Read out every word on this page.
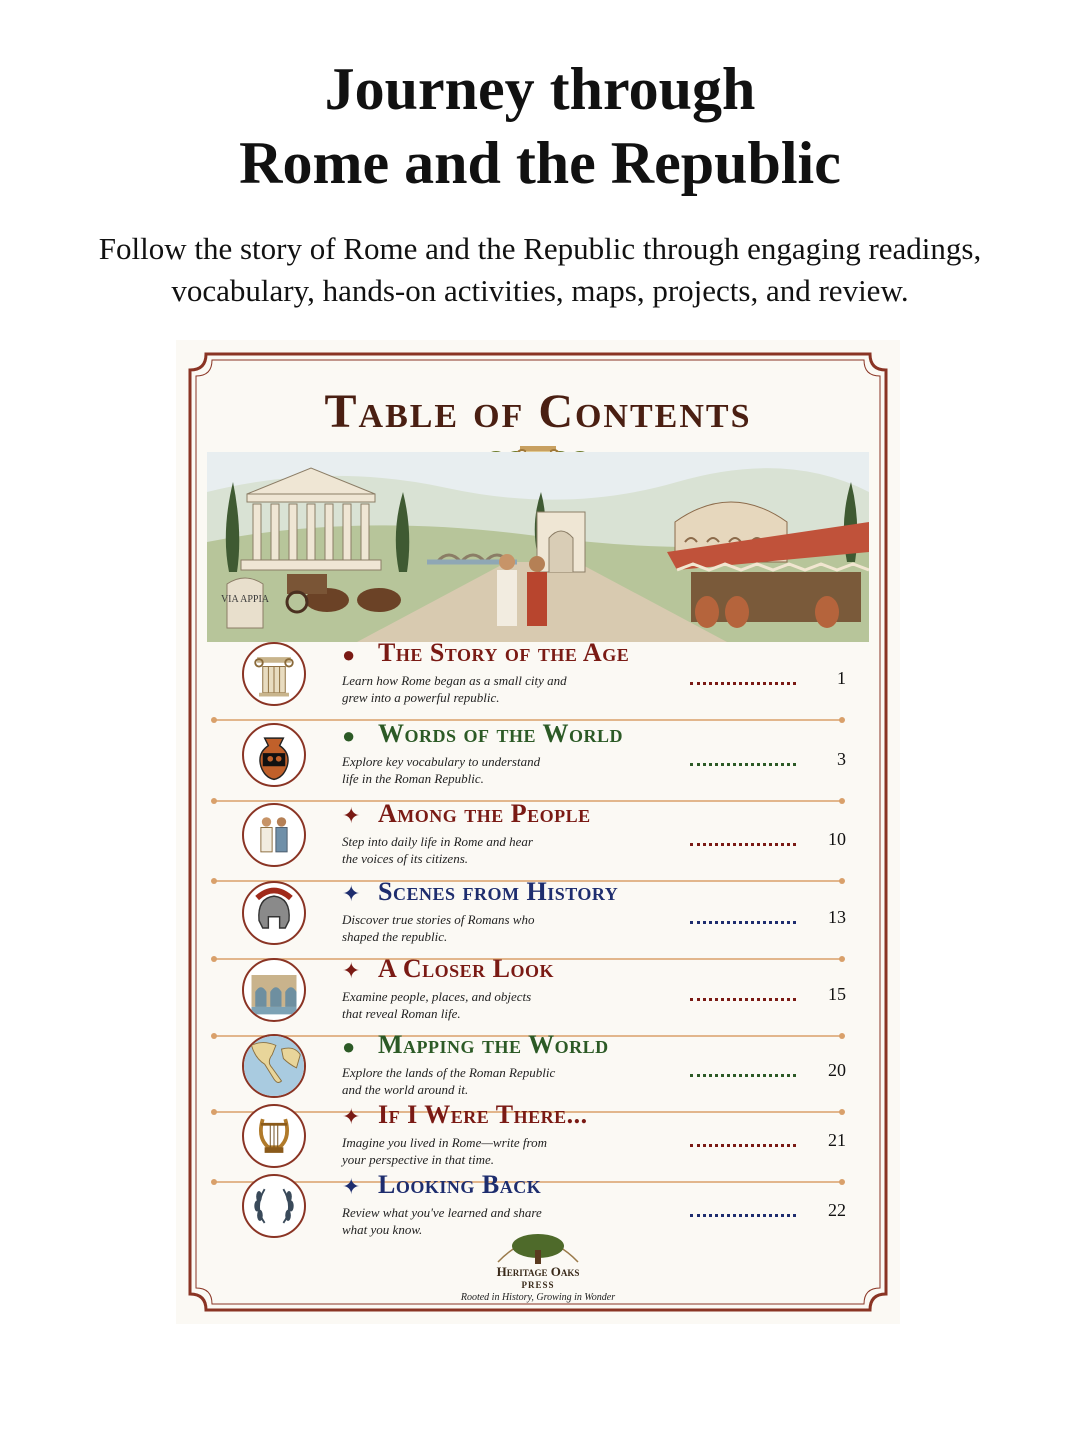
Journey through
Rome and the Republic
Follow the story of Rome and the Republic through engaging readings,
vocabulary, hands-on activities, maps, projects, and review.
Table of Contents
VIA APPIA
● The Story of the Age
Learn how Rome began as a small city and
grew into a powerful republic.
1
● Words of the World
Explore key vocabulary to understand
life in the Roman Republic.
3
✦ Among the People
Step into daily life in Rome and hear
the voices of its citizens.
10
✦ Scenes from History
Discover true stories of Romans who
shaped the republic.
13
✦ A Closer Look
Examine people, places, and objects
that reveal Roman life.
15
● Mapping the World
Explore the lands of the Roman Republic
and the world around it.
20
✦ If I Were There...
Imagine you lived in Rome—write from
your perspective in that time.
21
✦ Looking Back
Review what you've learned and share
what you know.
22
Heritage Oaks
PRESS
Rooted in History, Growing in Wonder
